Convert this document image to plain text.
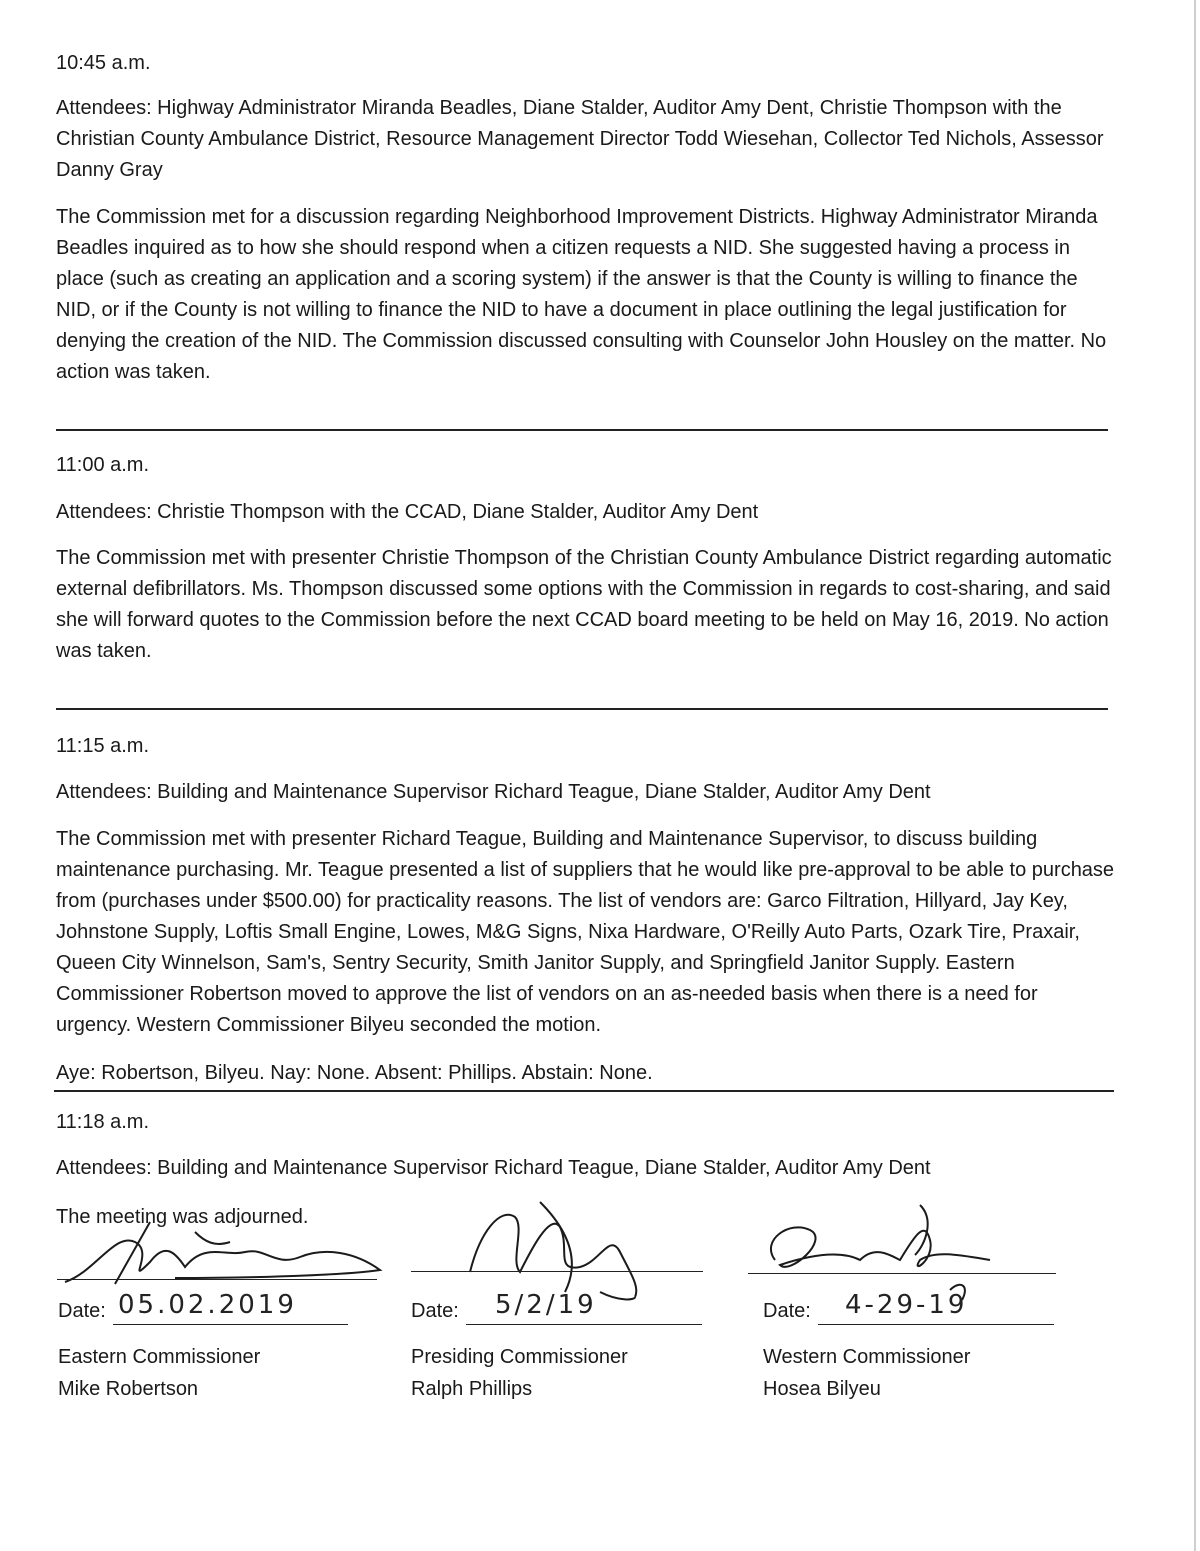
10:45 a.m.
Attendees: Highway Administrator Miranda Beadles, Diane Stalder, Auditor Amy Dent, Christie Thompson with the Christian County Ambulance District, Resource Management Director Todd Wiesehan, Collector Ted Nichols, Assessor Danny Gray
The Commission met for a discussion regarding Neighborhood Improvement Districts. Highway Administrator Miranda Beadles inquired as to how she should respond when a citizen requests a NID. She suggested having a process in place (such as creating an application and a scoring system) if the answer is that the County is willing to finance the NID, or if the County is not willing to finance the NID to have a document in place outlining the legal justification for denying the creation of the NID. The Commission discussed consulting with Counselor John Housley on the matter. No action was taken.
11:00 a.m.
Attendees: Christie Thompson with the CCAD, Diane Stalder, Auditor Amy Dent
The Commission met with presenter Christie Thompson of the Christian County Ambulance District regarding automatic external defibrillators. Ms. Thompson discussed some options with the Commission in regards to cost-sharing, and said she will forward quotes to the Commission before the next CCAD board meeting to be held on May 16, 2019. No action was taken.
11:15 a.m.
Attendees: Building and Maintenance Supervisor Richard Teague, Diane Stalder, Auditor Amy Dent
The Commission met with presenter Richard Teague, Building and Maintenance Supervisor, to discuss building maintenance purchasing. Mr. Teague presented a list of suppliers that he would like pre-approval to be able to purchase from (purchases under $500.00) for practicality reasons. The list of vendors are: Garco Filtration, Hillyard, Jay Key, Johnstone Supply, Loftis Small Engine, Lowes, M&G Signs, Nixa Hardware, O'Reilly Auto Parts, Ozark Tire, Praxair, Queen City Winnelson, Sam's, Sentry Security, Smith Janitor Supply, and Springfield Janitor Supply. Eastern Commissioner Robertson moved to approve the list of vendors on an as-needed basis when there is a need for urgency. Western Commissioner Bilyeu seconded the motion.
Aye: Robertson, Bilyeu. Nay: None. Absent: Phillips. Abstain: None.
11:18 a.m.
Attendees: Building and Maintenance Supervisor Richard Teague, Diane Stalder, Auditor Amy Dent
The meeting was adjourned.
Date: 05.02.2019
Eastern Commissioner
Mike Robertson
Date: 5/2/19
Presiding Commissioner
Ralph Phillips
Date: 4-29-19
Western Commissioner
Hosea Bilyeu
